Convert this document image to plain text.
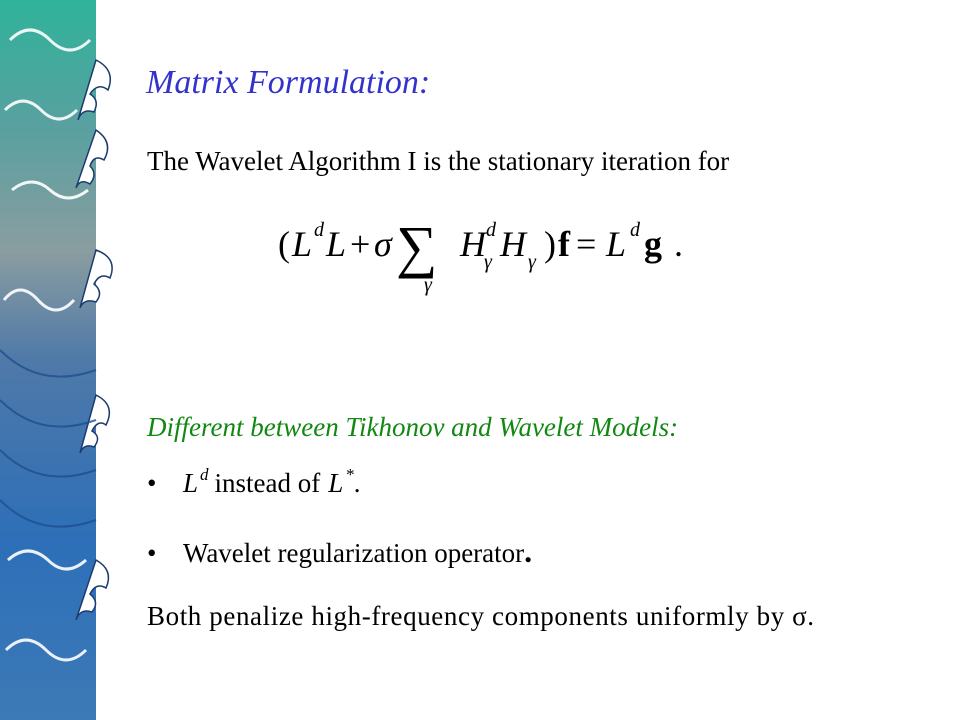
Matrix Formulation:
The Wavelet Algorithm I is the stationary iteration for
( L d L + σ ∑
γ
H d
γ H γ ) f = L d g .
Different between Tikhonov and Wavelet Models:
• L d instead of L * .
• Wavelet regularization operator .
Both penalize high-frequency components uniformly by σ.
